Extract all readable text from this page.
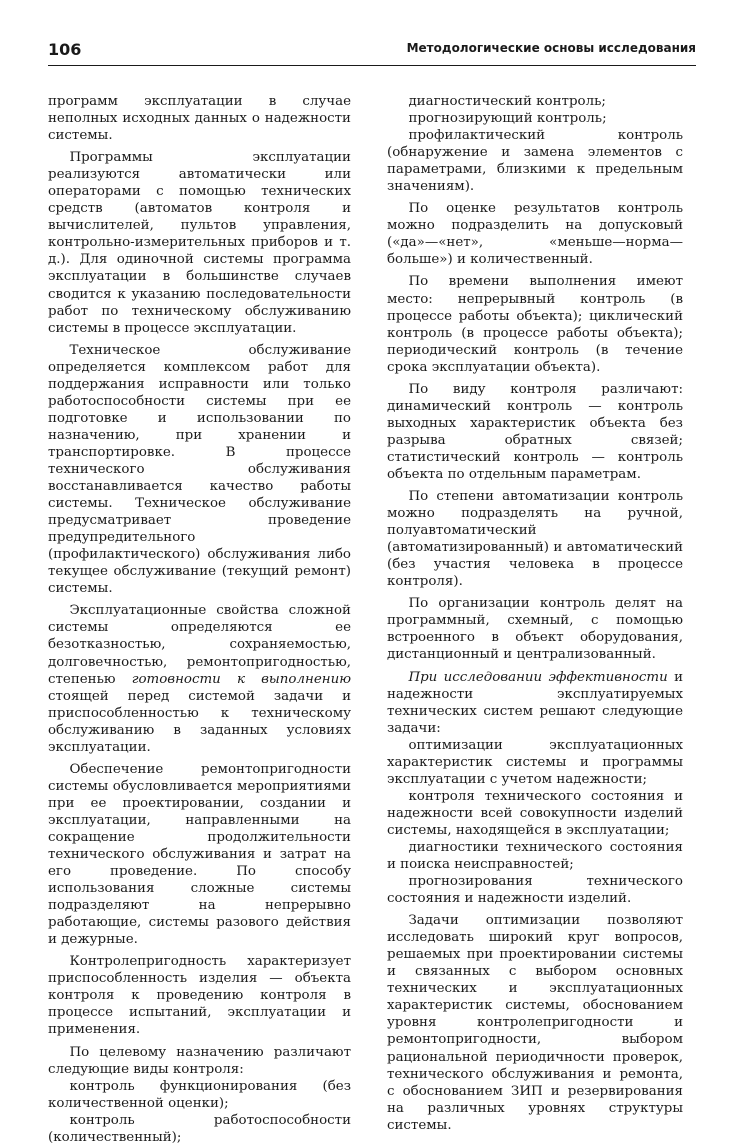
106	Методологические основы исследования

программ эксплуатации в случае неполных исходных данных о надежности системы.

Программы эксплуатации реализуются автоматически или операторами с помощью технических средств (автоматов контроля и вычислителей, пультов управления, контрольно-измерительных приборов и т. д.). Для одиночной системы программа эксплуатации в большинстве случаев сводится к указанию последовательности работ по техническому обслуживанию системы в процессе эксплуатации.

Техническое обслуживание определяется комплексом работ для поддержания исправности или только работоспособности системы при ее подготовке и использовании по назначению, при хранении и транспортировке. В процессе технического обслуживания восстанавливается качество работы системы. Техническое обслуживание предусматривает проведение предупредительного (профилактического) обслуживания либо текущее обслуживание (текущий ремонт) системы.

Эксплуатационные свойства сложной системы определяются ее безотказностью, сохраняемостью, долговечностью, ремонтопригодностью, степенью готовности к выполнению стоящей перед системой задачи и приспособленностью к техническому обслуживанию в заданных условиях эксплуатации.

Обеспечение ремонтопригодности системы обусловливается мероприятиями при ее проектировании, создании и эксплуатации, направленными на сокращение продолжительности технического обслуживания и затрат на его проведение. По способу использования сложные системы подразделяют на непрерывно работающие, системы разового действия и дежурные.

Контролепригодность характеризует приспособленность изделия — объекта контроля к проведению контроля в процессе испытаний, эксплуатации и применения.

По целевому назначению различают следующие виды контроля:

контроль функционирования (без количественной оценки);

контроль работоспособности (количественный);

диагностический контроль;

прогнозирующий контроль;

профилактический контроль (обнаружение и замена элементов с параметрами, близкими к предельным значениям).

По оценке результатов контроль можно подразделить на допусковый («да»—«нет», «меньше—норма—больше») и количественный.

По времени выполнения имеют место: непрерывный контроль (в процессе работы объекта); циклический контроль (в процессе работы объекта); периодический контроль (в течение срока эксплуатации объекта).

По виду контроля различают: динамический контроль — контроль выходных характеристик объекта без разрыва обратных связей; статистический контроль — контроль объекта по отдельным параметрам.

По степени автоматизации контроль можно подразделять на ручной, полуавтоматический (автоматизированный) и автоматический (без участия человека в процессе контроля).

По организации контроль делят на программный, схемный, с помощью встроенного в объект оборудования, дистанционный и централизованный.

При исследовании эффективности и надежности эксплуатируемых технических систем решают следующие задачи:

оптимизации эксплуатационных характеристик системы и программы эксплуатации с учетом надежности;

контроля технического состояния и надежности всей совокупности изделий системы, находящейся в эксплуатации;

диагностики технического состояния и поиска неисправностей;

прогнозирования технического состояния и надежности изделий.

Задачи оптимизации позволяют исследовать широкий круг вопросов, решаемых при проектировании системы и связанных с выбором основных технических и эксплуатационных характеристик системы, обоснованием уровня контролепригодности и ремонтопригодности, выбором рациональной периодичности проверок, технического обслуживания и ремонта, с обоснованием ЗИП и резервирования на различных уровнях структуры системы.
